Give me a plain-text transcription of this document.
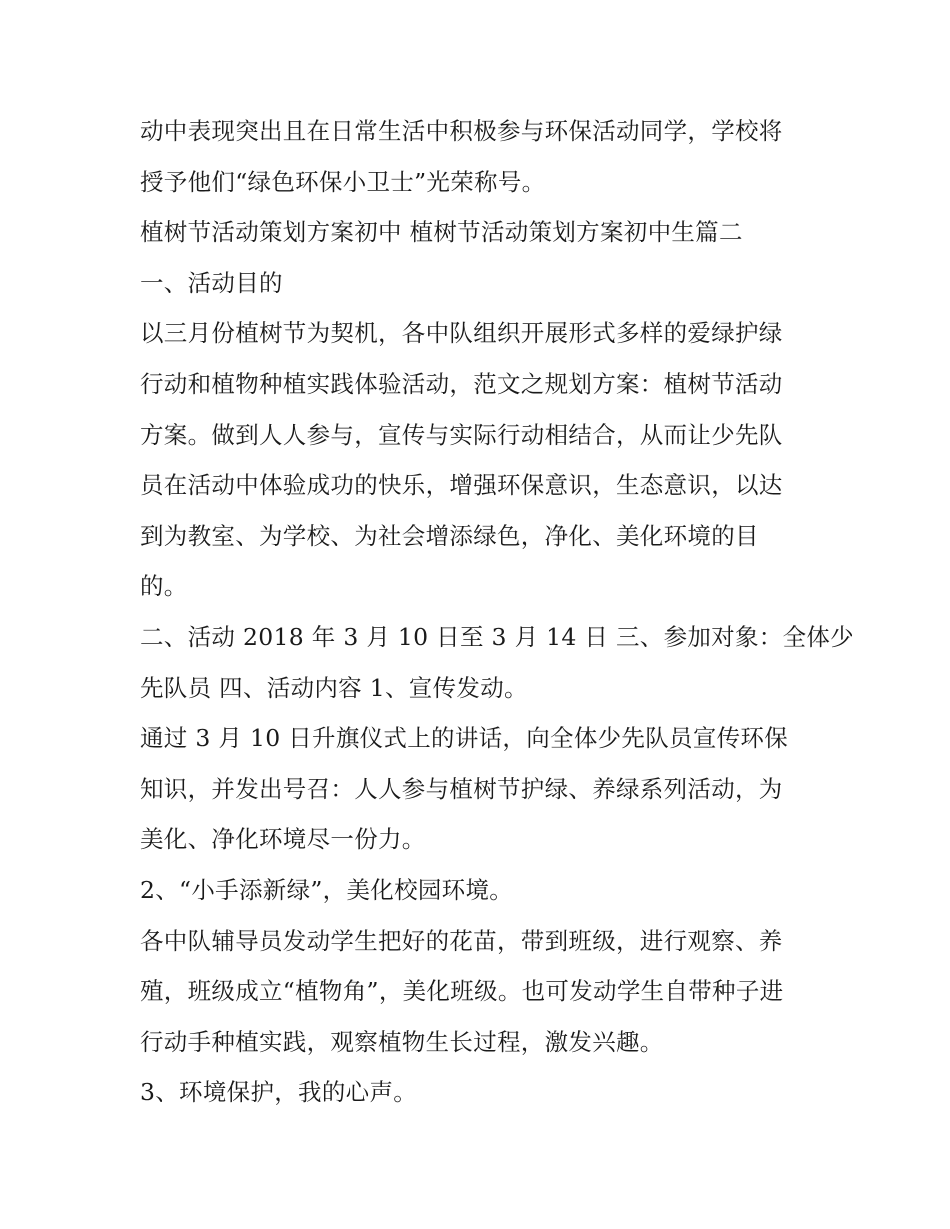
动中表现突出且在日常生活中积极参与环保活动同学，学校将
授予他们“绿色环保小卫士”光荣称号。
植树节活动策划方案初中 植树节活动策划方案初中生篇二
一、活动目的
以三月份植树节为契机，各中队组织开展形式多样的爱绿护绿
行动和植物种植实践体验活动，范文之规划方案：植树节活动
方案。做到人人参与，宣传与实际行动相结合，从而让少先队
员在活动中体验成功的快乐，增强环保意识，生态意识，以达
到为教室、为学校、为社会增添绿色，净化、美化环境的目
的。
二、活动 2018 年 3 月 10 日至 3 月 14 日 三、参加对象：全体少
先队员 四、活动内容 1、宣传发动。
通过 3 月 10 日升旗仪式上的讲话，向全体少先队员宣传环保
知识，并发出号召：人人参与植树节护绿、养绿系列活动，为
美化、净化环境尽一份力。
2、“小手添新绿”，美化校园环境。
各中队辅导员发动学生把好的花苗，带到班级，进行观察、养
殖，班级成立“植物角”，美化班级。也可发动学生自带种子进
行动手种植实践，观察植物生长过程，激发兴趣。
3、环境保护，我的心声。
